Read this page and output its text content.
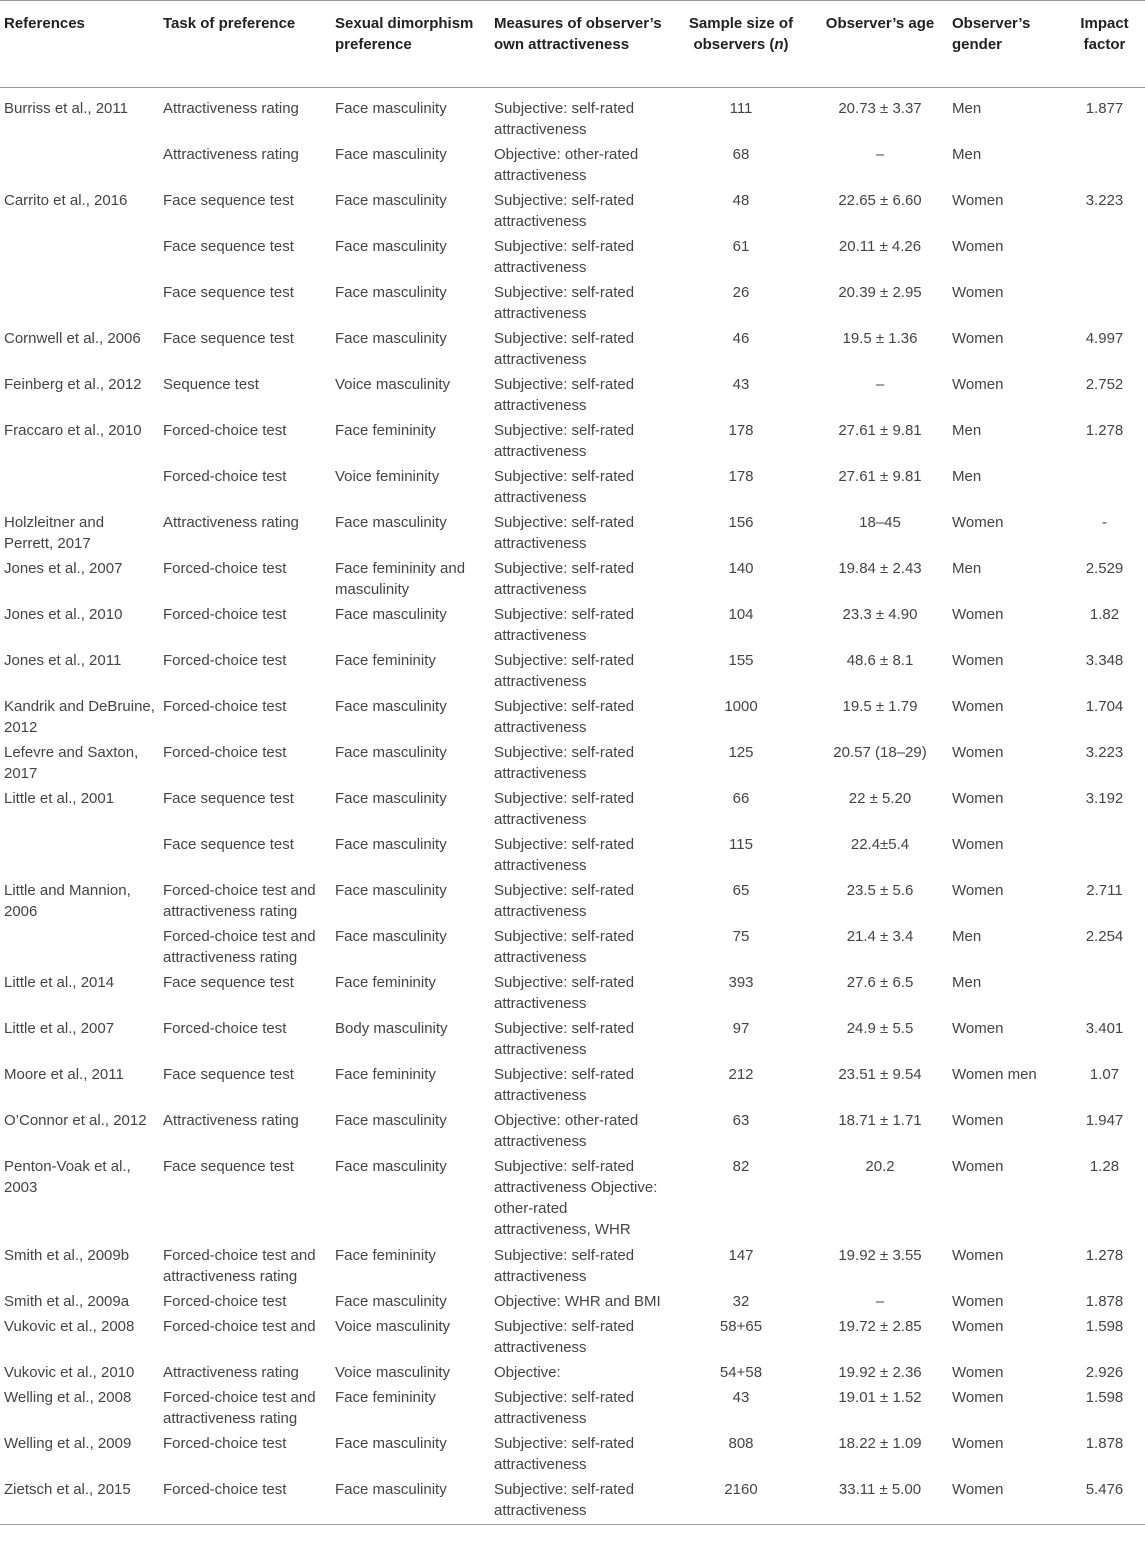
References	Task of preference	Sexual dimorphism preference	Measures of observer’s own attractiveness	Sample size of observers (n)	Observer’s age	Observer’s gender	Impact factor
Burriss et al., 2011	Attractiveness rating	Face masculinity	Subjective: self-rated attractiveness	111	20.73 ± 3.37	Men	1.877
	Attractiveness rating	Face masculinity	Objective: other-rated attractiveness	68	–	Men	
Carrito et al., 2016	Face sequence test	Face masculinity	Subjective: self-rated attractiveness	48	22.65 ± 6.60	Women	3.223
	Face sequence test	Face masculinity	Subjective: self-rated attractiveness	61	20.11 ± 4.26	Women	
	Face sequence test	Face masculinity	Subjective: self-rated attractiveness	26	20.39 ± 2.95	Women	
Cornwell et al., 2006	Face sequence test	Face masculinity	Subjective: self-rated attractiveness	46	19.5 ± 1.36	Women	4.997
Feinberg et al., 2012	Sequence test	Voice masculinity	Subjective: self-rated attractiveness	43	–	Women	2.752
Fraccaro et al., 2010	Forced-choice test	Face femininity	Subjective: self-rated attractiveness	178	27.61 ± 9.81	Men	1.278
	Forced-choice test	Voice femininity	Subjective: self-rated attractiveness	178	27.61 ± 9.81	Men	
Holzleitner and Perrett, 2017	Attractiveness rating	Face masculinity	Subjective: self-rated attractiveness	156	18–45	Women	-
Jones et al., 2007	Forced-choice test	Face femininity and masculinity	Subjective: self-rated attractiveness	140	19.84 ± 2.43	Men	2.529
Jones et al., 2010	Forced-choice test	Face masculinity	Subjective: self-rated attractiveness	104	23.3 ± 4.90	Women	1.82
Jones et al., 2011	Forced-choice test	Face femininity	Subjective: self-rated attractiveness	155	48.6 ± 8.1	Women	3.348
Kandrik and DeBruine, 2012	Forced-choice test	Face masculinity	Subjective: self-rated attractiveness	1000	19.5 ± 1.79	Women	1.704
Lefevre and Saxton, 2017	Forced-choice test	Face masculinity	Subjective: self-rated attractiveness	125	20.57 (18–29)	Women	3.223
Little et al., 2001	Face sequence test	Face masculinity	Subjective: self-rated attractiveness	66	22 ± 5.20	Women	3.192
	Face sequence test	Face masculinity	Subjective: self-rated attractiveness	115	22.4±5.4	Women	
Little and Mannion, 2006	Forced-choice test and attractiveness rating	Face masculinity	Subjective: self-rated attractiveness	65	23.5 ± 5.6	Women	2.711
	Forced-choice test and attractiveness rating	Face masculinity	Subjective: self-rated attractiveness	75	21.4 ± 3.4	Men	2.254
Little et al., 2014	Face sequence test	Face femininity	Subjective: self-rated attractiveness	393	27.6 ± 6.5	Men	
Little et al., 2007	Forced-choice test	Body masculinity	Subjective: self-rated attractiveness	97	24.9 ± 5.5	Women	3.401
Moore et al., 2011	Face sequence test	Face femininity	Subjective: self-rated attractiveness	212	23.51 ± 9.54	Women men	1.07
O’Connor et al., 2012	Attractiveness rating	Face masculinity	Objective: other-rated attractiveness	63	18.71 ± 1.71	Women	1.947
Penton-Voak et al., 2003	Face sequence test	Face masculinity	Subjective: self-rated attractiveness Objective: other-rated attractiveness, WHR	82	20.2	Women	1.28
Smith et al., 2009b	Forced-choice test and attractiveness rating	Face femininity	Subjective: self-rated attractiveness	147	19.92 ± 3.55	Women	1.278
Smith et al., 2009a	Forced-choice test	Face masculinity	Objective: WHR and BMI	32	–	Women	1.878
Vukovic et al., 2008	Forced-choice test and	Voice masculinity	Subjective: self-rated attractiveness	58+65	19.72 ± 2.85	Women	1.598
Vukovic et al., 2010	Attractiveness rating	Voice masculinity	Objective:	54+58	19.92 ± 2.36	Women	2.926
Welling et al., 2008	Forced-choice test and attractiveness rating	Face femininity	Subjective: self-rated attractiveness	43	19.01 ± 1.52	Women	1.598
Welling et al., 2009	Forced-choice test	Face masculinity	Subjective: self-rated attractiveness	808	18.22 ± 1.09	Women	1.878
Zietsch et al., 2015	Forced-choice test	Face masculinity	Subjective: self-rated attractiveness	2160	33.11 ± 5.00	Women	5.476
